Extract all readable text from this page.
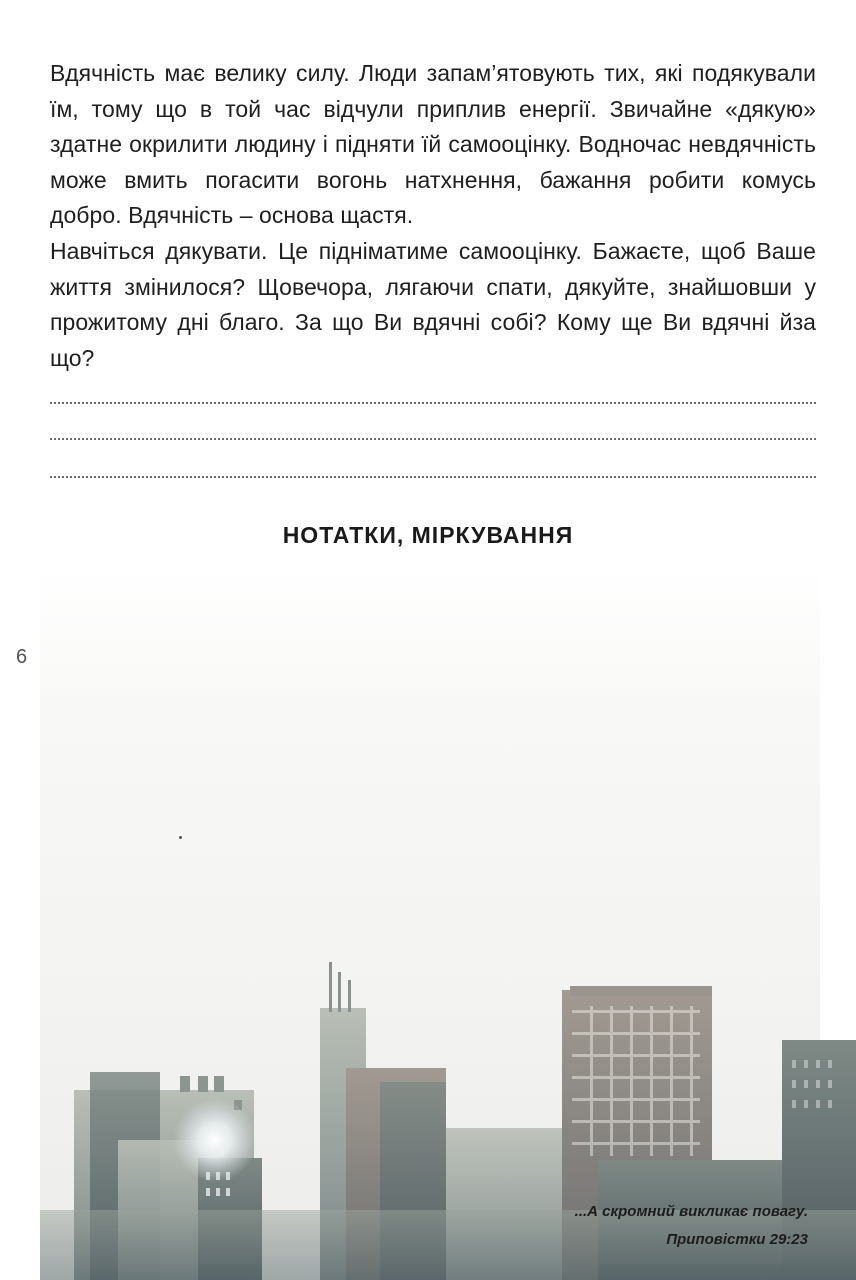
Вдячність має велику силу. Люди запам’ятовують тих, які подякували їм, тому що в той час відчули приплив енергії. Звичайне «дякую» здатне окрилити людину і підняти їй самооцінку. Водночас невдячність може вмить погасити вогонь натхнення, бажання робити комусь добро. Вдячність – основа щастя.

Навчіться дякувати. Це підніматиме самооцінку. Бажаєте, щоб Ваше життя змінилося? Щовечора, лягаючи спати, дякуйте, знайшовши у прожитому дні благо. За що Ви вдячні собі? Кому ще Ви вдячні йза що?

НОТАТКИ, МІРКУВАННЯ
6
...А скромний викликає повагу.
Приповістки 29:23
